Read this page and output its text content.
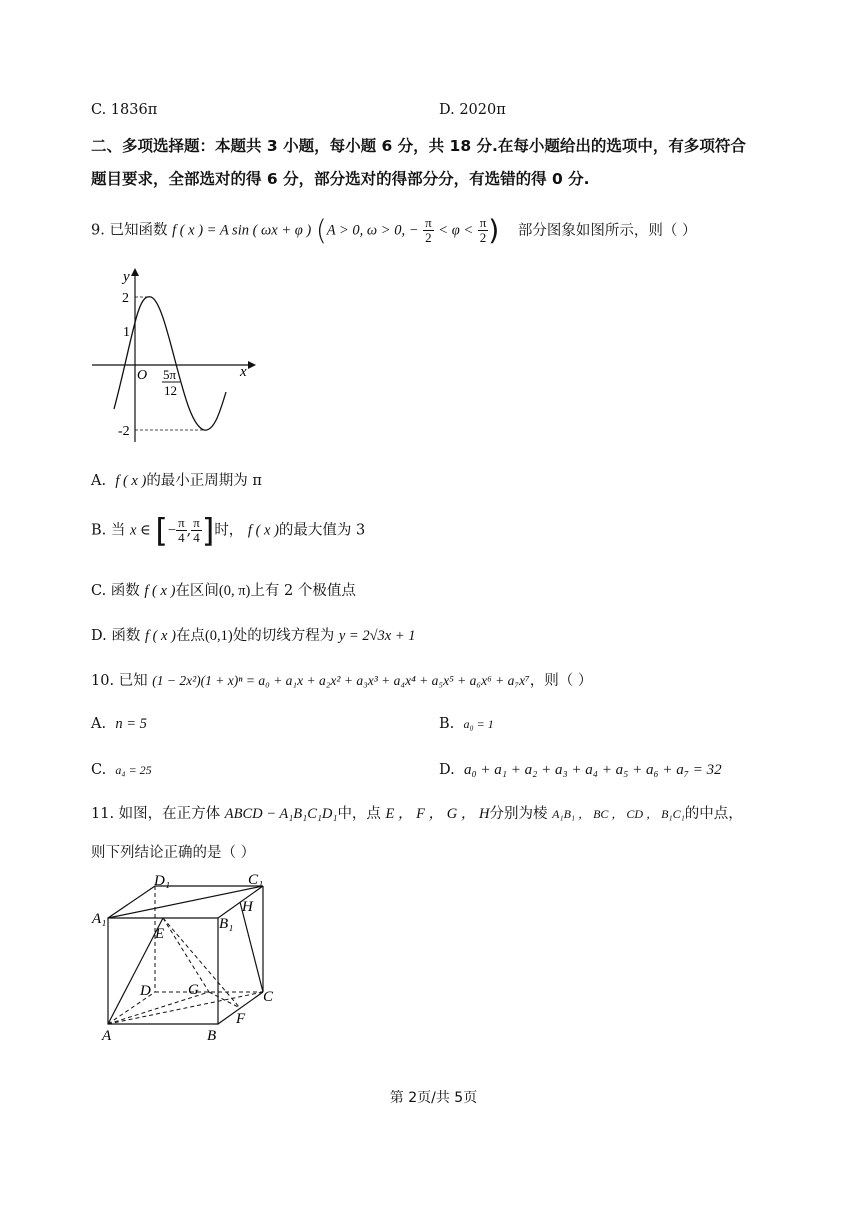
C. 1836π	D. 2020π
二、多项选择题：本题共 3 小题，每小题 6 分，共 18 分.在每小题给出的选项中，有多项符合
题目要求，全部选对的得 6 分，部分选对的得部分分，有选错的得 0 分.
9. 已知函数 f ( x ) = A sin ( ωx + φ ) (A > 0, ω > 0, − $\frac{\pi}{2} < \varphi < \frac{\pi}{2}$ ) 部分图象如图所示，则（ ）
y
x
O
2
1
-2
5π
12
A. f ( x )的最小正周期为 π
B. 当 x ∈ [− $\frac{\pi}{4}$ , $\frac{\pi}{4}$ ]时， f ( x )的最大值为 3
C. 函数 f ( x )在区间(0, π)上有 2 个极值点
D. 函数 f ( x )在点(0,1)处的切线方程为 y = 2√3x + 1
10. 已知 (1 − 2x²)(1 + x)ⁿ = a₀ + a₁x + a₂x² + a₃x³ + a₄x⁴ + a₅x⁵ + a₆x⁶ + a₇x⁷，则（ ）
A. n = 5	B. a₀ = 1
C. a₄ = 25	D. a₀ + a₁ + a₂ + a₃ + a₄ + a₅ + a₆ + a₇ = 32
11. 如图，在正方体 ABCD − A₁B₁C₁D₁中，点 E ， F ， G ， H分别为棱 A₁B₁ ， BC ， CD ， B₁C₁的中点，
则下列结论正确的是（ ）
A	B
C
D
A₁	B₁
C₁
D₁
E
F
G
H
第 2页/共 5页
